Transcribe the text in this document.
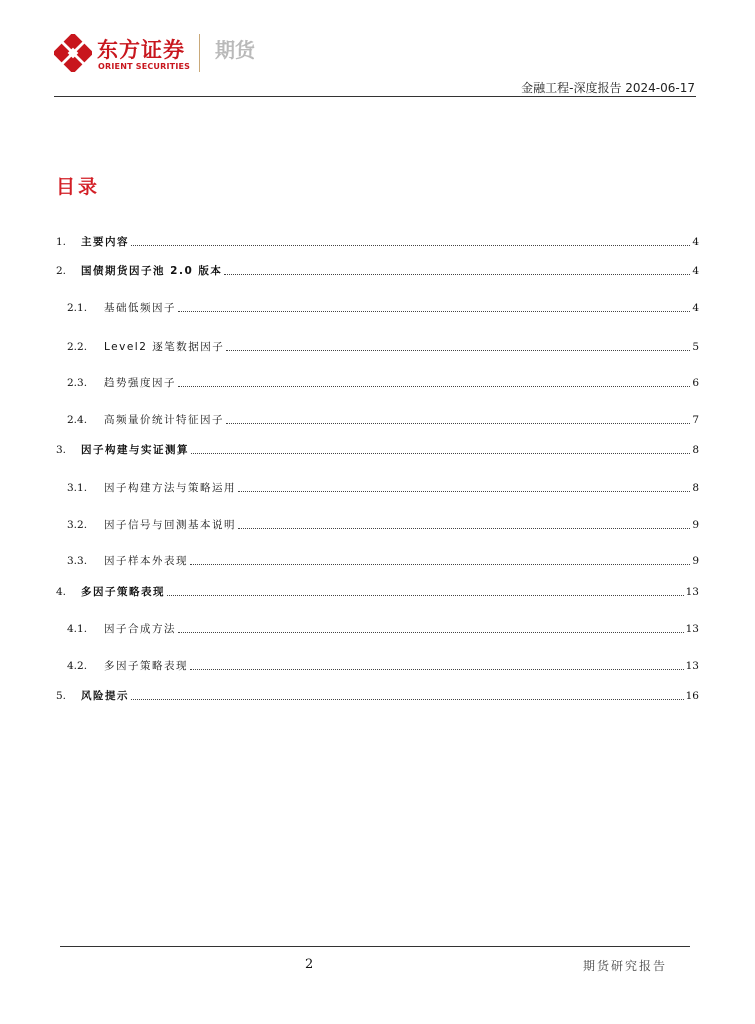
东方证券
ORIENT SECURITIES
期货
金融工程-深度报告 2024-06-17
目录
1. 主要内容	4
2. 国债期货因子池 2.0 版本	4
2.1. 基础低频因子	4
2.2. Level2 逐笔数据因子	5
2.3. 趋势强度因子	6
2.4. 高频量价统计特征因子	7
3. 因子构建与实证测算	8
3.1. 因子构建方法与策略运用	8
3.2. 因子信号与回测基本说明	9
3.3. 因子样本外表现	9
4. 多因子策略表现	13
4.1. 因子合成方法	13
4.2. 多因子策略表现	13
5. 风险提示	16
2	期货研究报告
